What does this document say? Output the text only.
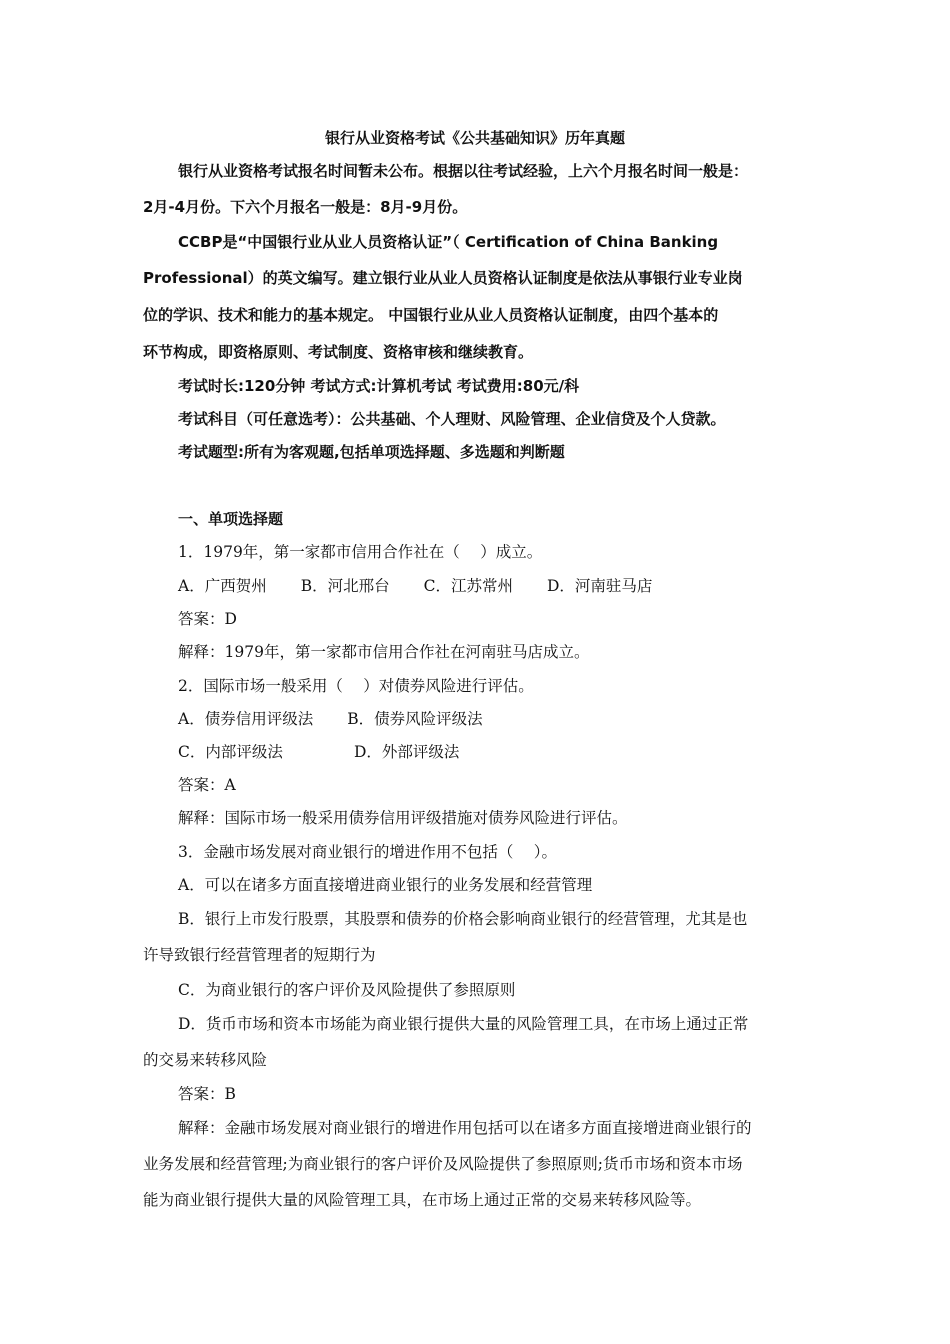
银行从业资格考试《公共基础知识》历年真题
银行从业资格考试报名时间暂未公布。根据以往考试经验，上六个月报名时间一般是：
2月-4月份。下六个月报名一般是：8月-9月份。
CCBP是“中国银行业从业人员资格认证”（ Certification of China Banking
Professional）的英文编写。建立银行业从业人员资格认证制度是依法从事银行业专业岗
位的学识、技术和能力的基本规定。 中国银行业从业人员资格认证制度，由四个基本的
环节构成，即资格原则、考试制度、资格审核和继续教育。
考试时长:120分钟 考试方式:计算机考试 考试费用:80元/科
考试科目（可任意选考）：公共基础、个人理财、风险管理、企业信贷及个人贷款。
考试题型:所有为客观题,包括单项选择题、多选题和判断题
一、单项选择题
1．1979年，第一家都市信用合作社在（　 ）成立。
A．广西贺州 B．河北邢台 C．江苏常州 D．河南驻马店
答案：D
解释：1979年，第一家都市信用合作社在河南驻马店成立。
2．国际市场一般采用（　 ）对债券风险进行评估。
A．债券信用评级法 B．债券风险评级法
C．内部评级法	D．外部评级法
答案：A
解释：国际市场一般采用债券信用评级措施对债券风险进行评估。
3．金融市场发展对商业银行的增进作用不包括（　 ）。
A．可以在诸多方面直接增进商业银行的业务发展和经营管理
B．银行上市发行股票，其股票和债券的价格会影响商业银行的经营管理，尤其是也
许导致银行经营管理者的短期行为
C．为商业银行的客户评价及风险提供了参照原则
D．货币市场和资本市场能为商业银行提供大量的风险管理工具，在市场上通过正常
的交易来转移风险
答案：B
解释：金融市场发展对商业银行的增进作用包括可以在诸多方面直接增进商业银行的
业务发展和经营管理;为商业银行的客户评价及风险提供了参照原则;货币市场和资本市场
能为商业银行提供大量的风险管理工具，在市场上通过正常的交易来转移风险等。
